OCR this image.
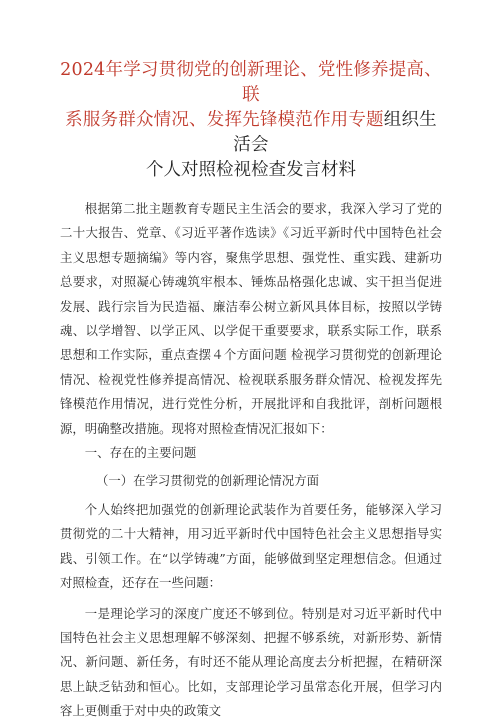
2024年学习贯彻党的创新理论、党性修养提高、联
系服务群众情况、发挥先锋模范作用专题组织生活会
个人对照检视检查发言材料

根据第二批主题教育专题民主生活会的要求，我深入学习了党的二十大报告、党章、《习近平著作选读》《习近平新时代中国特色社会主义思想专题摘编》等内容，聚焦学思想、强党性、重实践、建新功总要求，对照凝心铸魂筑牢根本、锤炼品格强化忠诚、实干担当促进发展、践行宗旨为民造福、廉洁奉公树立新风具体目标，按照以学铸魂、以学增智、以学正风、以学促干重要要求，联系实际工作，联系思想和工作实际，重点查摆４个方面问题 检视学习贯彻党的创新理论情况、检视党性修养提高情况、检视联系服务群众情况、检视发挥先锋模范作用情况，进行党性分析，开展批评和自我批评，剖析问题根源，明确整改措施。现将对照检查情况汇报如下：

一、存在的主要问题

（一）在学习贯彻党的创新理论情况方面

个人始终把加强党的创新理论武装作为首要任务，能够深入学习贯彻党的二十大精神，用习近平新时代中国特色社会主义思想指导实践、引领工作。在“以学铸魂”方面，能够做到坚定理想信念。但通过对照检查，还存在一些问题：

一是理论学习的深度广度还不够到位。特别是对习近平新时代中国特色社会主义思想理解不够深刻、把握不够系统，对新形势、新情况、新问题、新任务，有时还不能从理论高度去分析把握，在精研深思上缺乏钻劲和恒心。比如，支部理论学习虽常态化开展，但学习内容上更侧重于对中央的政策文
